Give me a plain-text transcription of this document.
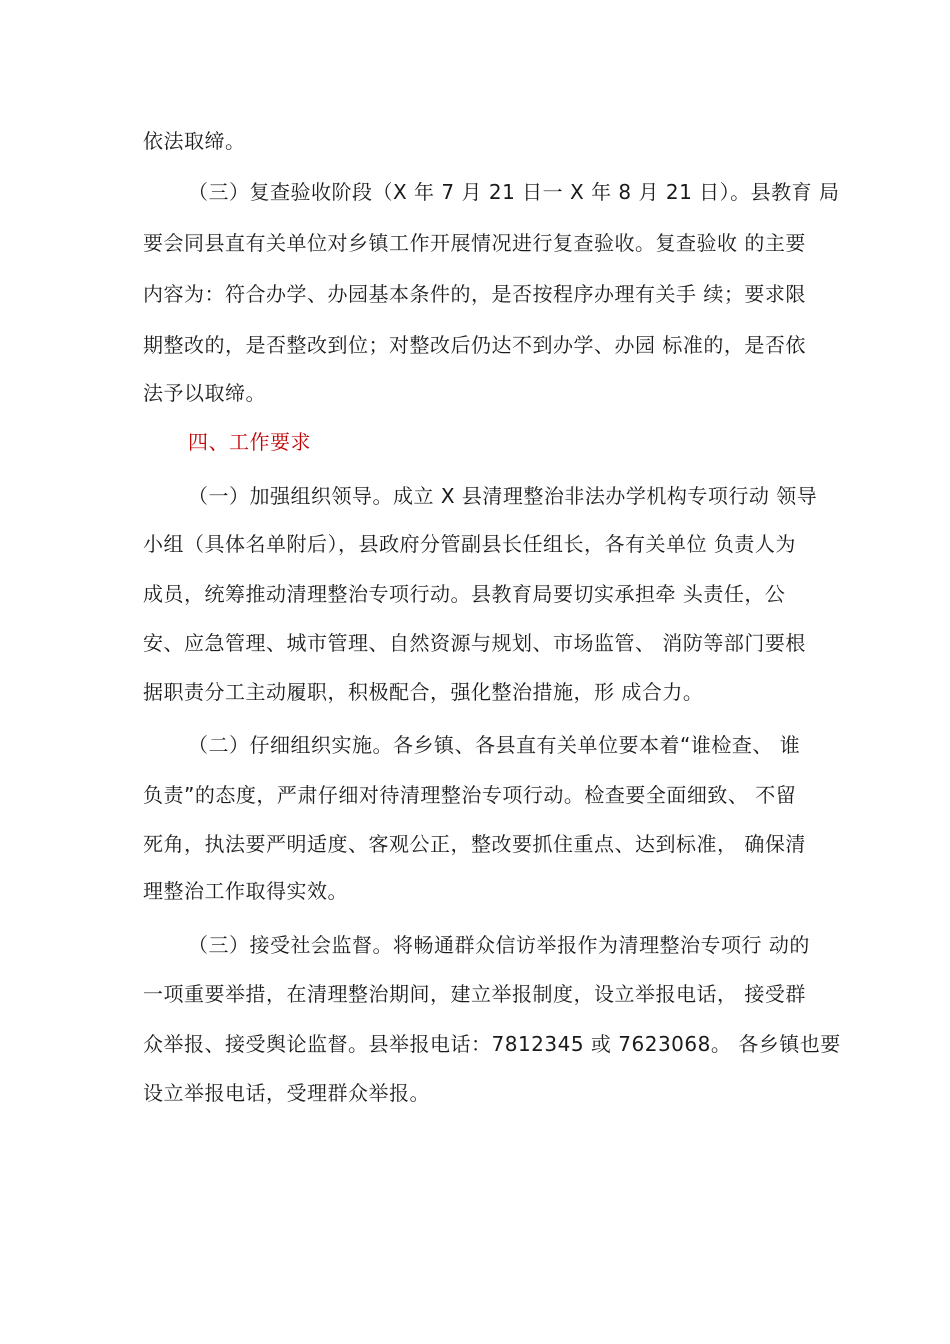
依法取缔。
（三）复查验收阶段（X 年 7 月 21 日一 X 年 8 月 21 日）。县教育 局
要会同县直有关单位对乡镇工作开展情况进行复查验收。复查验收 的主要
内容为：符合办学、办园基本条件的，是否按程序办理有关手 续；要求限
期整改的，是否整改到位；对整改后仍达不到办学、办园 标准的，是否依
法予以取缔。
四、工作要求
（一）加强组织领导。成立 X 县清理整治非法办学机构专项行动 领导
小组（具体名单附后），县政府分管副县长任组长，各有关单位 负责人为
成员，统筹推动清理整治专项行动。县教育局要切实承担牵 头责任，公
安、应急管理、城市管理、自然资源与规划、市场监管、 消防等部门要根
据职责分工主动履职，积极配合，强化整治措施，形 成合力。
（二）仔细组织实施。各乡镇、各县直有关单位要本着“谁检查、 谁
负责”的态度，严肃仔细对待清理整治专项行动。检查要全面细致、 不留
死角，执法要严明适度、客观公正，整改要抓住重点、达到标准， 确保清
理整治工作取得实效。
（三）接受社会监督。将畅通群众信访举报作为清理整治专项行 动的
一项重要举措，在清理整治期间，建立举报制度，设立举报电话， 接受群
众举报、接受舆论监督。县举报电话：7812345 或 7623068。 各乡镇也要
设立举报电话，受理群众举报。
